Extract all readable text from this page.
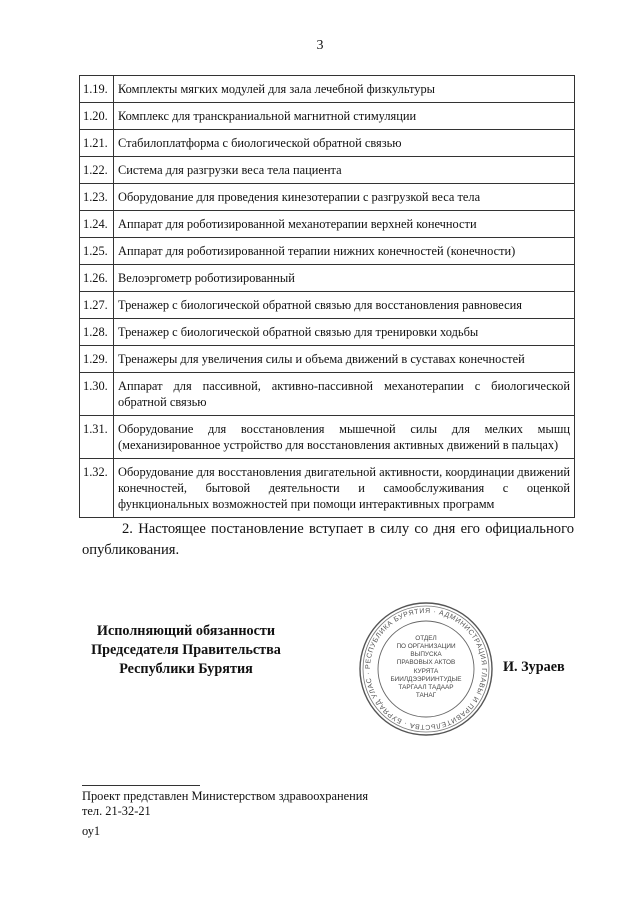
3
1.19.	Комплекты мягких модулей для зала лечебной физкультуры
1.20.	Комплекс для транскраниальной магнитной стимуляции
1.21.	Стабилоплатформа с биологической обратной связью
1.22.	Система для разгрузки веса тела пациента
1.23.	Оборудование для проведения кинезотерапии с разгрузкой веса тела
1.24.	Аппарат для роботизированной механотерапии верхней конечности
1.25.	Аппарат для роботизированной терапии нижних конечностей (конечности)
1.26.	Велоэргометр роботизированный
1.27.	Тренажер с биологической обратной связью для восстановления равновесия
1.28.	Тренажер с биологической обратной связью для тренировки ходьбы
1.29.	Тренажеры для увеличения силы и объема движений в суставах конечностей
1.30.	Аппарат для пассивной, активно-пассивной механотерапии с биологической обратной связью
1.31.	Оборудование для восстановления мышечной силы для мелких мышц (механизированное устройство для восстановления активных движений в пальцах)
1.32.	Оборудование для восстановления двигательной активности, координации движений конечностей, бытовой деятельности и самообслуживания с оценкой функциональных возможностей при помощи интерактивных программ
2. Настоящее постановление вступает в силу со дня его официального опубликования.
Исполняющий обязанности
Председателя Правительства
Республики Бурятия	РЕСПУБЛИКА БУРЯТИЯ · АДМИНИСТРАЦИЯ ГЛАВЫ И ПРАВИТЕЛЬСТВА · БУРЯАД УЛАС ·
ОТДЕЛ
ПО ОРГАНИЗАЦИИ
ВЫПУСКА
ПРАВОВЫХ АКТОВ
КУРЯТА
БИИЛДЭЭРИИНТУДЫЕ
ТАРГААЛ ТАДААР
ТАНАГ
И. Зураев
Проект представлен Министерством здравоохранения
тел. 21-32-21
оу1
